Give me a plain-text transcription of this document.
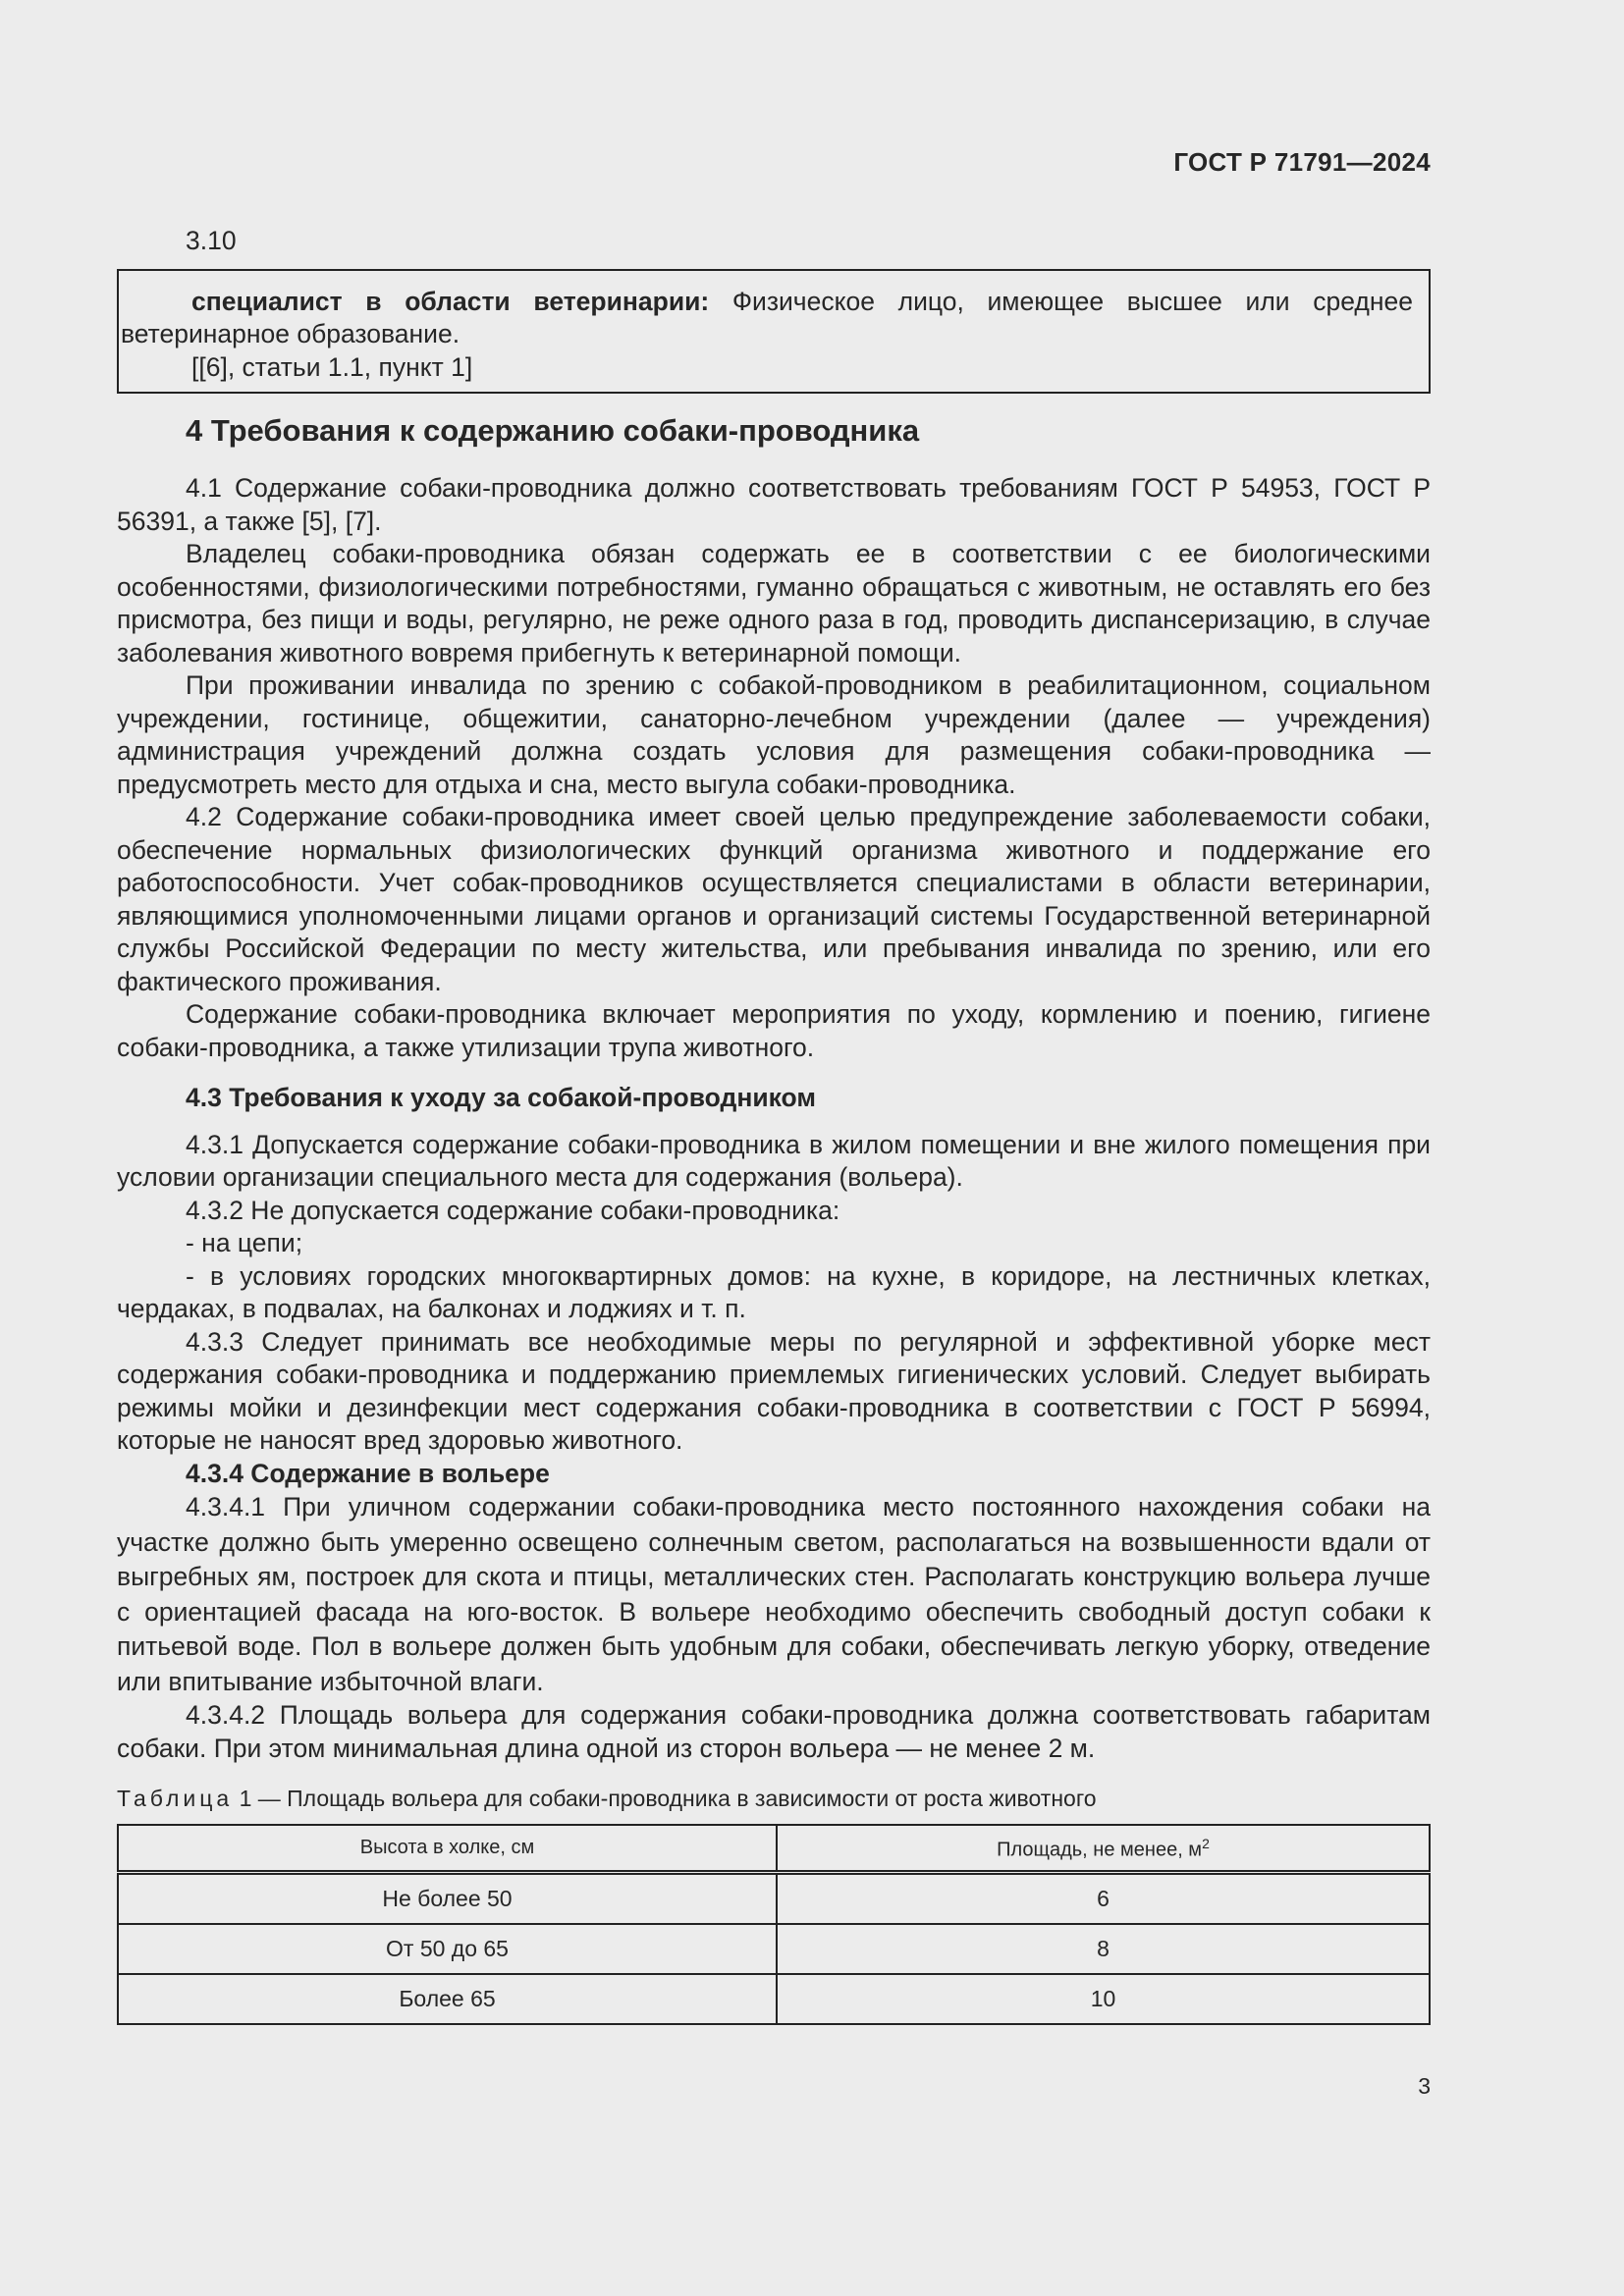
ГОСТ Р 71791—2024

3.10

специалист в области ветеринарии: Физическое лицо, имеющее высшее или среднее ветеринарное образование.

[[6], статьи 1.1, пункт 1]

4 Требования к содержанию собаки-проводника

4.1 Содержание собаки-проводника должно соответствовать требованиям ГОСТ Р 54953, ГОСТ Р 56391, а также [5], [7].

Владелец собаки-проводника обязан содержать ее в соответствии с ее биологическими особенностями, физиологическими потребностями, гуманно обращаться с животным, не оставлять его без присмотра, без пищи и воды, регулярно, не реже одного раза в год, проводить диспансеризацию, в случае заболевания животного вовремя прибегнуть к ветеринарной помощи.

При проживании инвалида по зрению с собакой-проводником в реабилитационном, социальном учреждении, гостинице, общежитии, санаторно-лечебном учреждении (далее — учреждения) администрация учреждений должна создать условия для размещения собаки-проводника — предусмотреть место для отдыха и сна, место выгула собаки-проводника.

4.2 Содержание собаки-проводника имеет своей целью предупреждение заболеваемости собаки, обеспечение нормальных физиологических функций организма животного и поддержание его работоспособности. Учет собак-проводников осуществляется специалистами в области ветеринарии, являющимися уполномоченными лицами органов и организаций системы Государственной ветеринарной службы Российской Федерации по месту жительства, или пребывания инвалида по зрению, или его фактического проживания.

Содержание собаки-проводника включает мероприятия по уходу, кормлению и поению, гигиене собаки-проводника, а также утилизации трупа животного.

4.3 Требования к уходу за собакой-проводником

4.3.1 Допускается содержание собаки-проводника в жилом помещении и вне жилого помещения при условии организации специального места для содержания (вольера).

4.3.2 Не допускается содержание собаки-проводника:

- на цепи;

- в условиях городских многоквартирных домов: на кухне, в коридоре, на лестничных клетках, чердаках, в подвалах, на балконах и лоджиях и т. п.

4.3.3 Следует принимать все необходимые меры по регулярной и эффективной уборке мест содержания собаки-проводника и поддержанию приемлемых гигиенических условий. Следует выбирать режимы мойки и дезинфекции мест содержания собаки-проводника в соответствии с ГОСТ Р 56994, которые не наносят вред здоровью животного.

4.3.4 Содержание в вольере

4.3.4.1 При уличном содержании собаки-проводника место постоянного нахождения собаки на участке должно быть умеренно освещено солнечным светом, располагаться на возвышенности вдали от выгребных ям, построек для скота и птицы, металлических стен. Располагать конструкцию вольера лучше с ориентацией фасада на юго-восток. В вольере необходимо обеспечить свободный доступ собаки к питьевой воде. Пол в вольере должен быть удобным для собаки, обеспечивать легкую уборку, отведение или впитывание избыточной влаги.

4.3.4.2 Площадь вольера для содержания собаки-проводника должна соответствовать габаритам собаки. При этом минимальная длина одной из сторон вольера — не менее 2 м.

Таблица 1 — Площадь вольера для собаки-проводника в зависимости от роста животного
Высота в холке, см	Площадь, не менее, $м^2$
Не более 50	6
От 50 до 65	8
Более 65	10
3
